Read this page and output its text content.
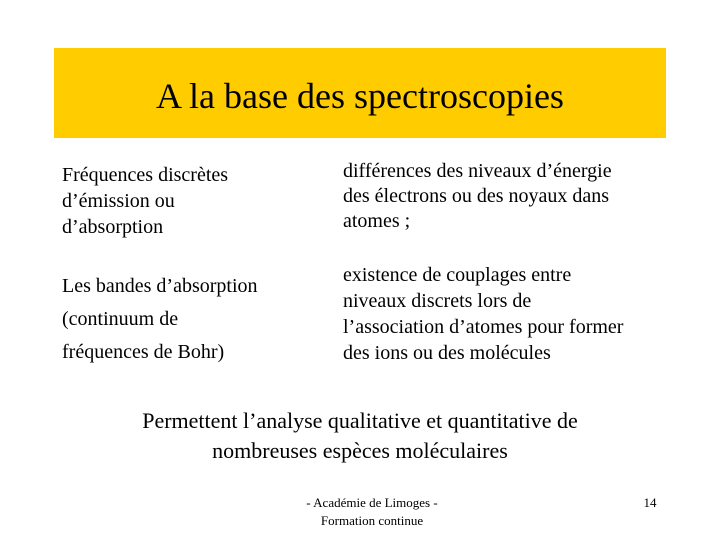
A la base des spectroscopies
Fréquences discrètes
d’émission ou
d’absorption
différences des niveaux d’énergie
des électrons ou des noyaux dans
atomes ;
Les bandes d’absorption
(continuum de
fréquences de Bohr)
existence de couplages entre
niveaux discrets lors de
l’association d’atomes pour former
des ions ou des molécules
Permettent l’analyse qualitative et quantitative de
nombreuses espèces moléculaires
- Académie de Limoges -
Formation continue
14
